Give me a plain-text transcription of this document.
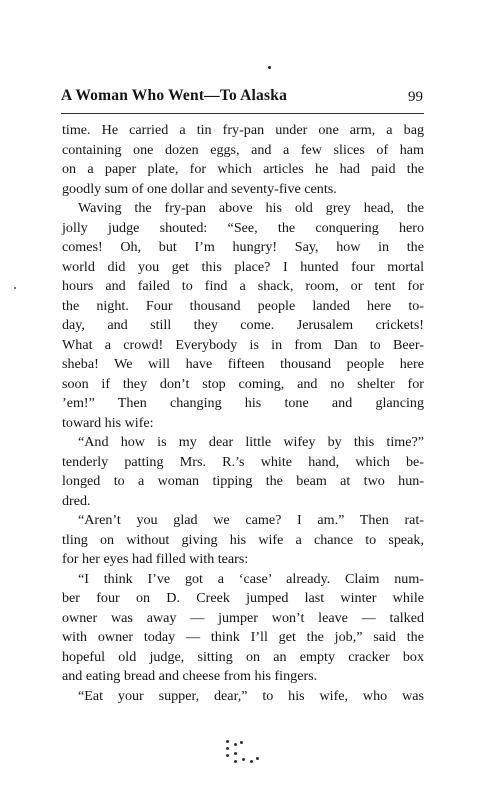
A Woman Who Went—To Alaska	99
time. He carried a tin fry-pan under one arm, a bag
containing one dozen eggs, and a few slices of ham
on a paper plate, for which articles he had paid the
goodly sum of one dollar and seventy-five cents.
Waving the fry-pan above his old grey head, the
jolly judge shouted: “See, the conquering hero
comes! Oh, but I’m hungry! Say, how in the
world did you get this place? I hunted four mortal
hours and failed to find a shack, room, or tent for
the night. Four thousand people landed here to-
day, and still they come. Jerusalem crickets!
What a crowd! Everybody is in from Dan to Beer-
sheba! We will have fifteen thousand people here
soon if they don’t stop coming, and no shelter for
’em!” Then changing his tone and glancing
toward his wife:
“And how is my dear little wifey by this time?”
tenderly patting Mrs. R.’s white hand, which be-
longed to a woman tipping the beam at two hun-
dred.
“Aren’t you glad we came? I am.” Then rat-
tling on without giving his wife a chance to speak,
for her eyes had filled with tears:
“I think I’ve got a ‘case’ already. Claim num-
ber four on D. Creek jumped last winter while
owner was away — jumper won’t leave — talked
with owner today — think I’ll get the job,” said the
hopeful old judge, sitting on an empty cracker box
and eating bread and cheese from his fingers.
“Eat your supper, dear,” to his wife, who was
